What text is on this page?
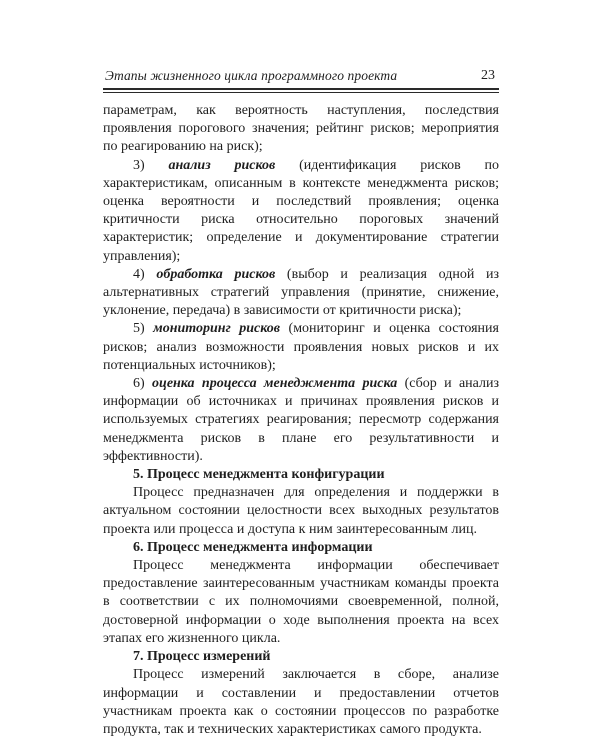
Этапы жизненного цикла программного проекта	23

параметрам, как вероятность наступления, последствия проявления порогового значения; рейтинг рисков; мероприятия по реагированию на риск);

3) анализ рисков (идентификация рисков по характеристикам, описанным в контексте менеджмента рисков; оценка вероятности и последствий проявления; оценка критичности риска относительно пороговых значений характеристик; определение и документирование стратегии управления);

4) обработка рисков (выбор и реализация одной из альтернативных стратегий управления (принятие, снижение, уклонение, передача) в зависимости от критичности риска);

5) мониторинг рисков (мониторинг и оценка состояния рисков; анализ возможности проявления новых рисков и их потенциальных источников);

6) оценка процесса менеджмента риска (сбор и анализ информации об источниках и причинах проявления рисков и используемых стратегиях реагирования; пересмотр содержания менеджмента рисков в плане его результативности и эффективности).

5. Процесс менеджмента конфигурации

Процесс предназначен для определения и поддержки в актуальном состоянии целостности всех выходных результатов проекта или процесса и доступа к ним заинтересованным лиц.

6. Процесс менеджмента информации

Процесс менеджмента информации обеспечивает предоставление заинтересованным участникам команды проекта в соответствии с их полномочиями своевременной, полной, достоверной информации о ходе выполнения проекта на всех этапах его жизненного цикла.

7. Процесс измерений

Процесс измерений заключается в сборе, анализе информации и составлении и предоставлении отчетов участникам проекта как о состоянии процессов по разработке продукта, так и технических характеристиках самого продукта.
